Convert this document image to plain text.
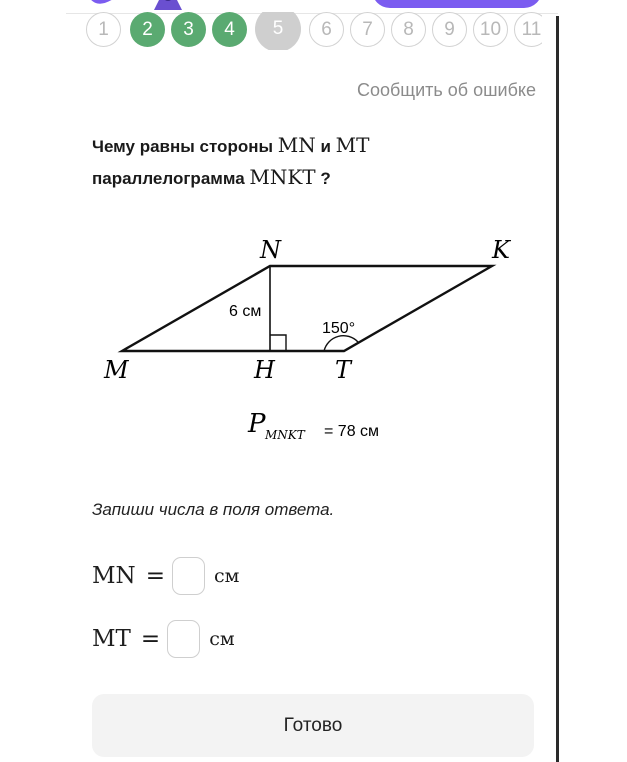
1	2	3	4	5	6	7	8	9	10	11
Сообщить об ошибке
Чему равны стороны MN и MT
параллелограмма MNKT ?
N	K
M	H	T
6 см
150°
P MNKT = 78 см
Запиши числа в поля ответа.
MN =	см
MT =	см
Готово
